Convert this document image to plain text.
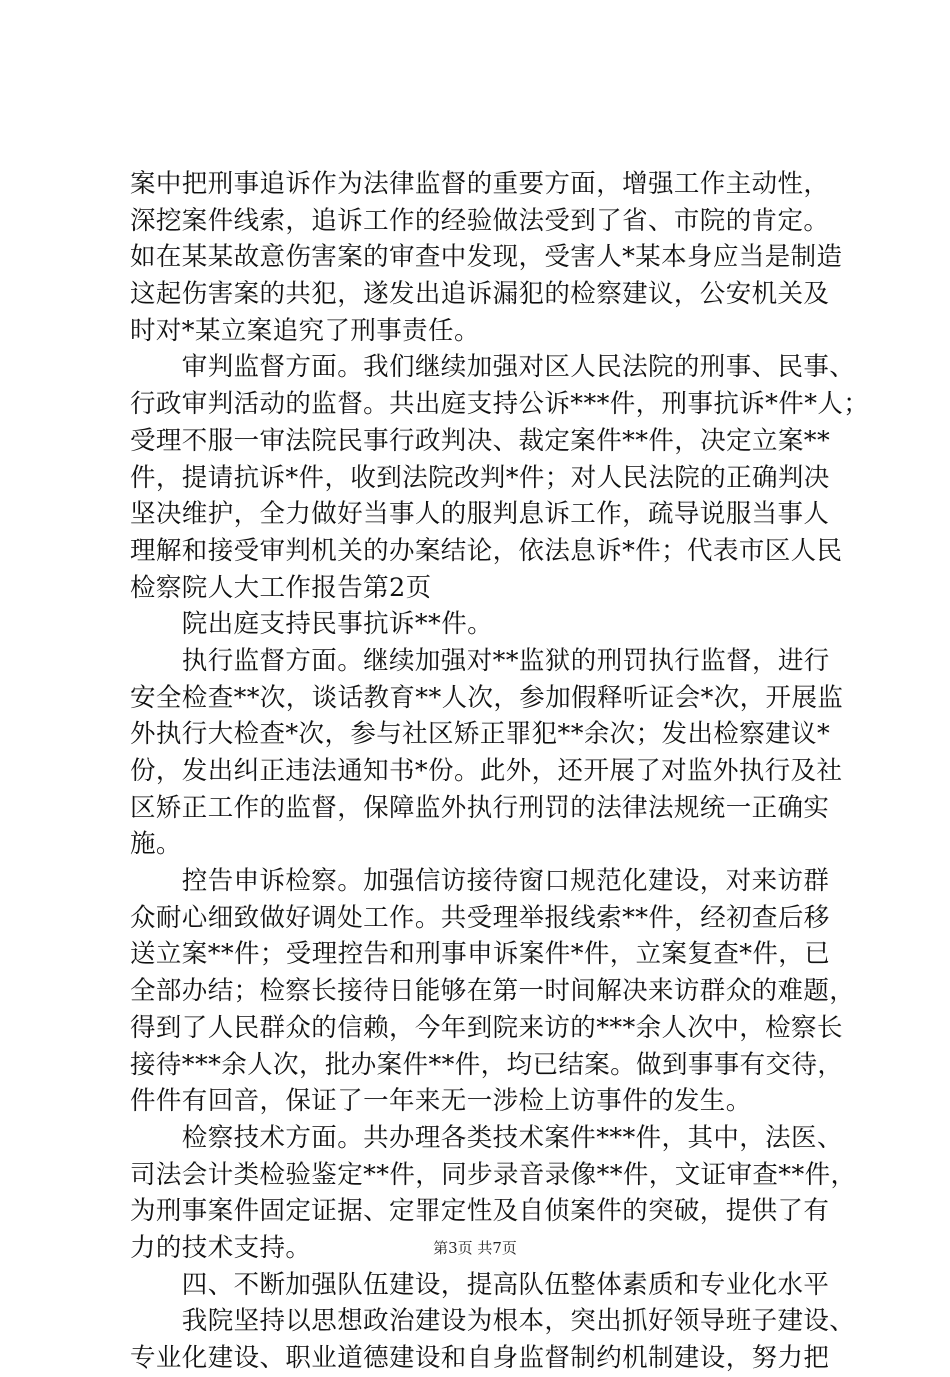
案中把刑事追诉作为法律监督的重要方面，增强工作主动性，
深挖案件线索，追诉工作的经验做法受到了省、市院的肯定。
如在某某故意伤害案的审查中发现，受害人*某本身应当是制造
这起伤害案的共犯，遂发出追诉漏犯的检察建议，公安机关及
时对*某立案追究了刑事责任。
　　审判监督方面。我们继续加强对区人民法院的刑事、民事、
行政审判活动的监督。共出庭支持公诉***件，刑事抗诉*件*人；
受理不服一审法院民事行政判决、裁定案件**件，决定立案**
件，提请抗诉*件，收到法院改判*件；对人民法院的正确判决
坚决维护，全力做好当事人的服判息诉工作，疏导说服当事人
理解和接受审判机关的办案结论，依法息诉*件；代表市区人民
检察院人大工作报告第2页
　　院出庭支持民事抗诉**件。
　　执行监督方面。继续加强对**监狱的刑罚执行监督，进行
安全检查**次，谈话教育**人次，参加假释听证会*次，开展监
外执行大检查*次，参与社区矫正罪犯**余次；发出检察建议*
份，发出纠正违法通知书*份。此外，还开展了对监外执行及社
区矫正工作的监督，保障监外执行刑罚的法律法规统一正确实
施。
　　控告申诉检察。加强信访接待窗口规范化建设，对来访群
众耐心细致做好调处工作。共受理举报线索**件，经初查后移
送立案**件；受理控告和刑事申诉案件*件，立案复查*件，已
全部办结；检察长接待日能够在第一时间解决来访群众的难题，
得到了人民群众的信赖，今年到院来访的***余人次中，检察长
接待***余人次，批办案件**件，均已结案。做到事事有交待，
件件有回音，保证了一年来无一涉检上访事件的发生。
　　检察技术方面。共办理各类技术案件***件，其中，法医、
司法会计类检验鉴定**件，同步录音录像**件，文证审查**件，
为刑事案件固定证据、定罪定性及自侦案件的突破，提供了有
力的技术支持。
　　四、不断加强队伍建设，提高队伍整体素质和专业化水平
　　我院坚持以思想政治建设为根本，突出抓好领导班子建设、
专业化建设、职业道德建设和自身监督制约机制建设，努力把
第3页 共7页
